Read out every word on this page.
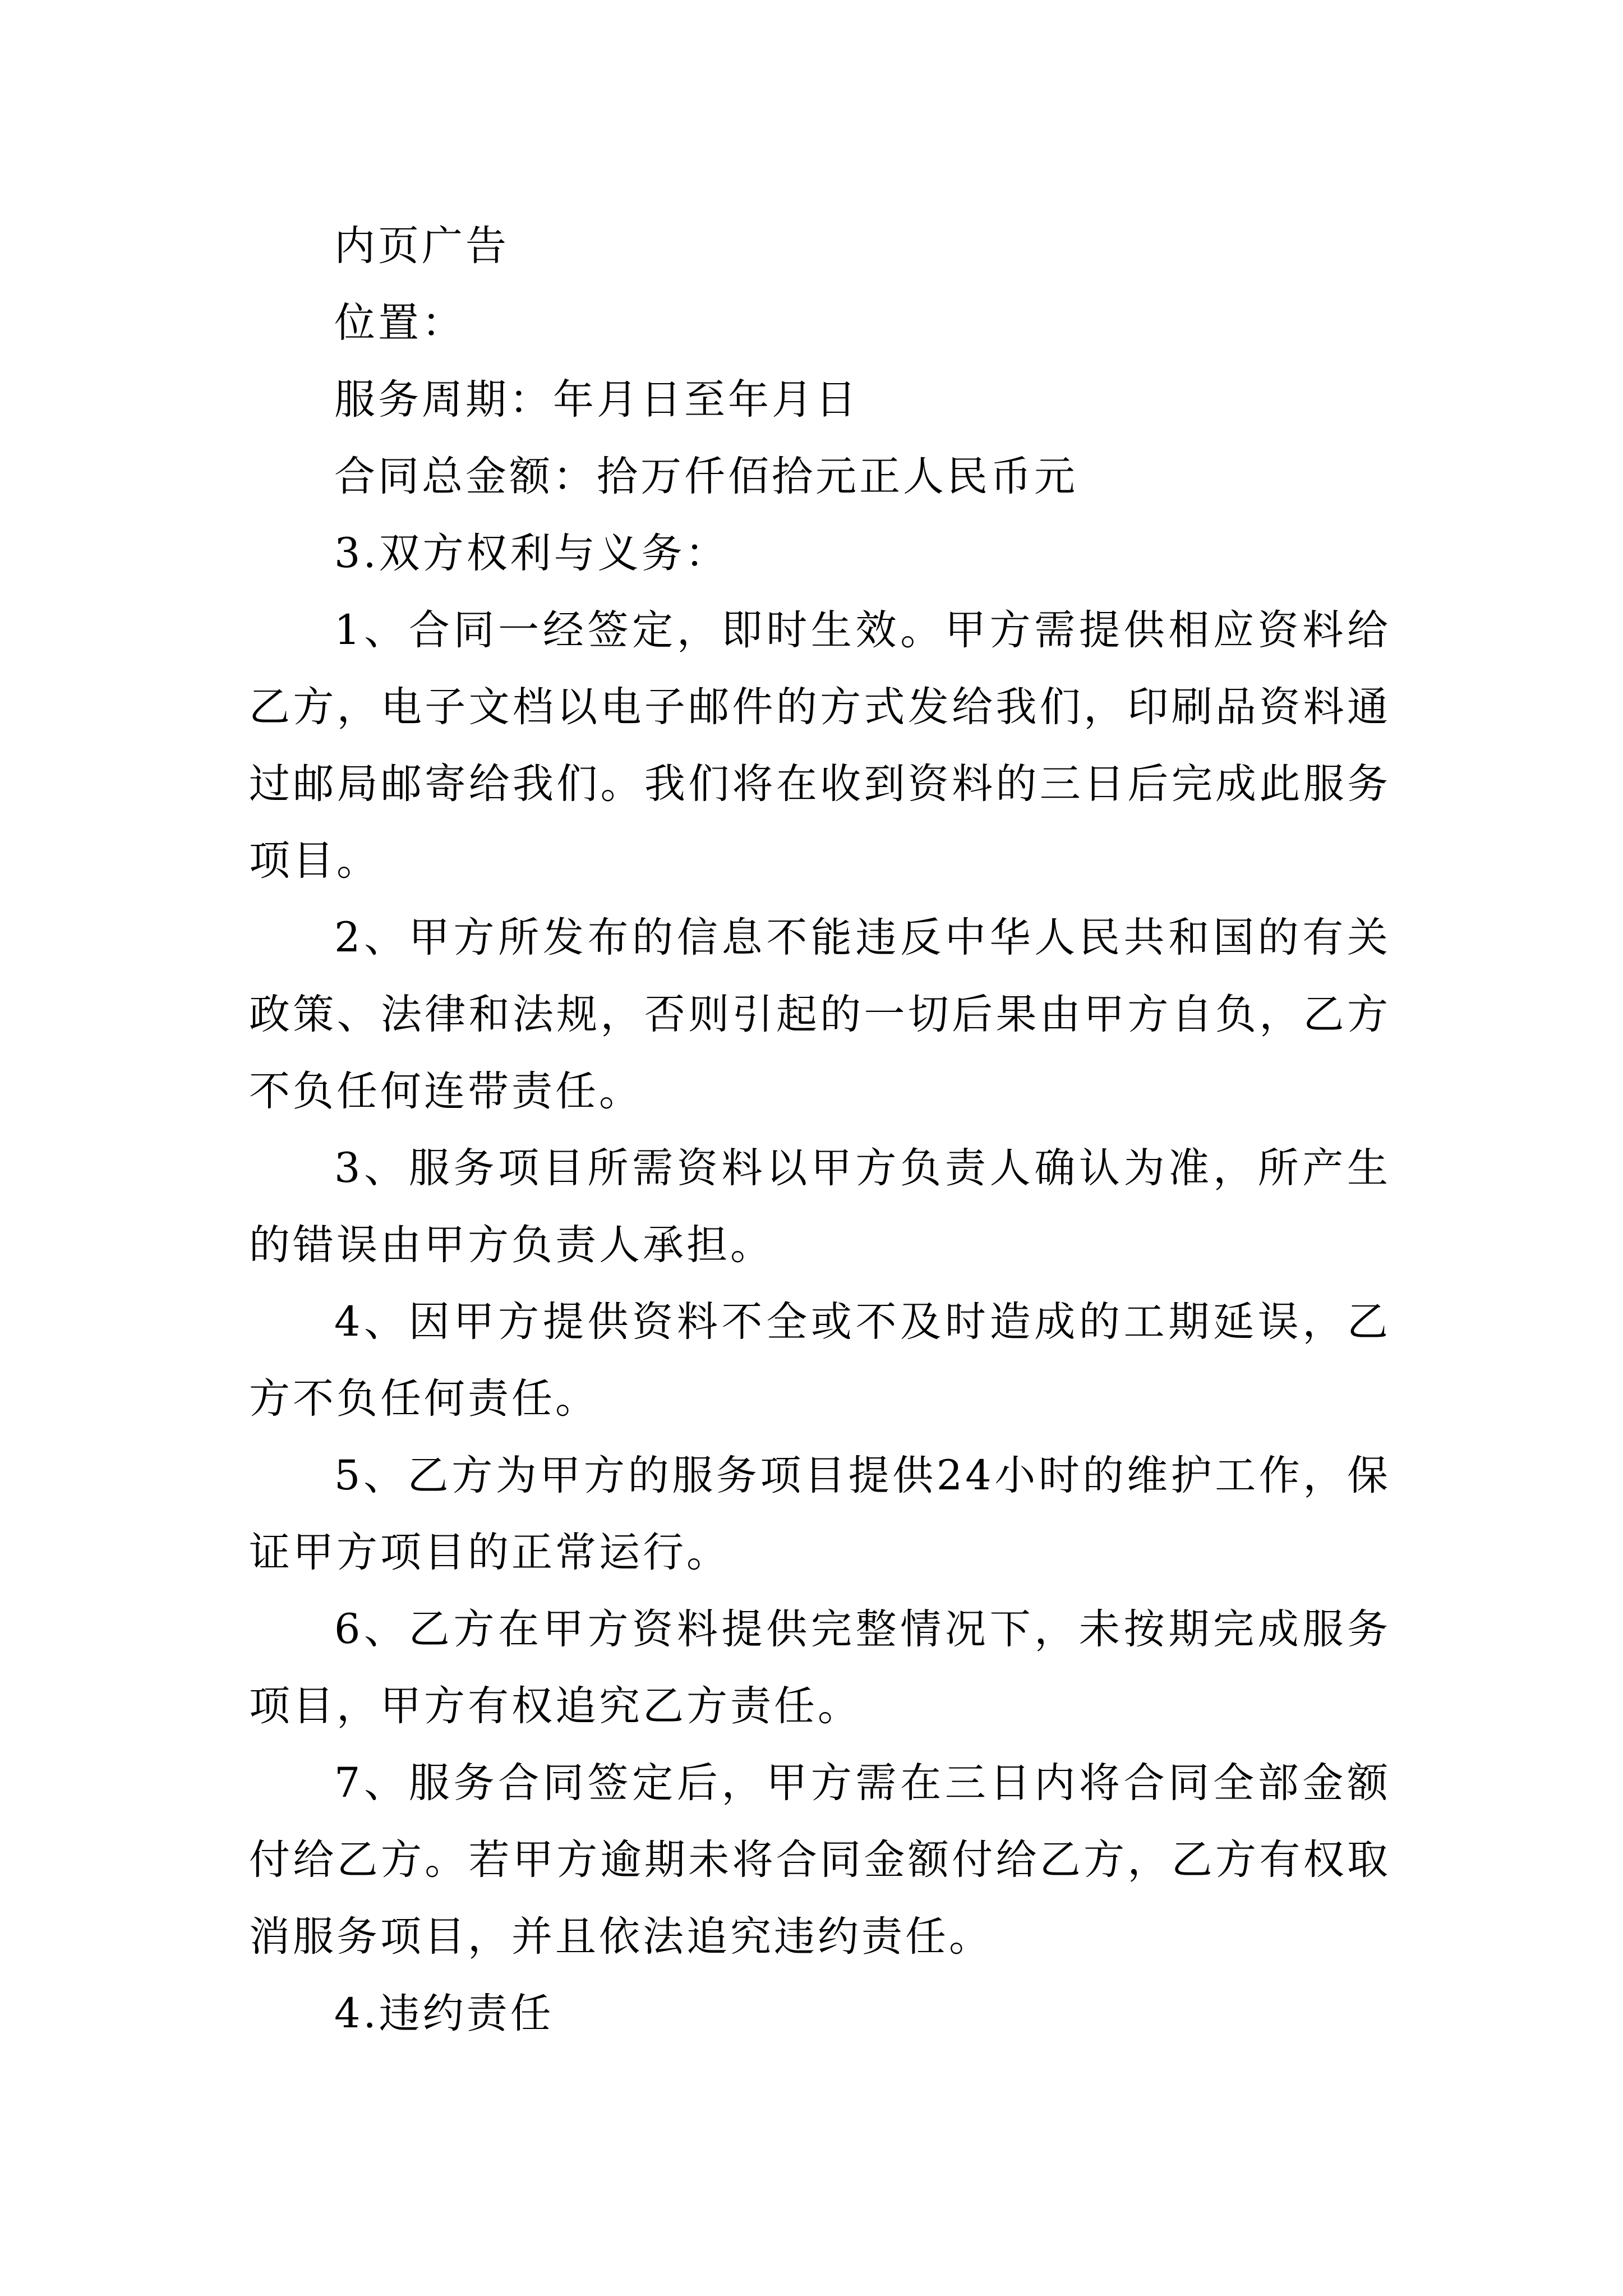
内页广告
位置：
服务周期：年月日至年月日
合同总金额：拾万仟佰拾元正人民币元
3.双方权利与义务：
1、合同一经签定，即时生效。甲方需提供相应资料给
乙方，电子文档以电子邮件的方式发给我们，印刷品资料通
过邮局邮寄给我们。我们将在收到资料的三日后完成此服务
项目。
2、甲方所发布的信息不能违反中华人民共和国的有关
政策、法律和法规，否则引起的一切后果由甲方自负，乙方
不负任何连带责任。
3、服务项目所需资料以甲方负责人确认为准，所产生
的错误由甲方负责人承担。
4、因甲方提供资料不全或不及时造成的工期延误，乙
方不负任何责任。
5、乙方为甲方的服务项目提供24小时的维护工作，保
证甲方项目的正常运行。
6、乙方在甲方资料提供完整情况下，未按期完成服务
项目，甲方有权追究乙方责任。
7、服务合同签定后，甲方需在三日内将合同全部金额
付给乙方。若甲方逾期未将合同金额付给乙方，乙方有权取
消服务项目，并且依法追究违约责任。
4.违约责任
